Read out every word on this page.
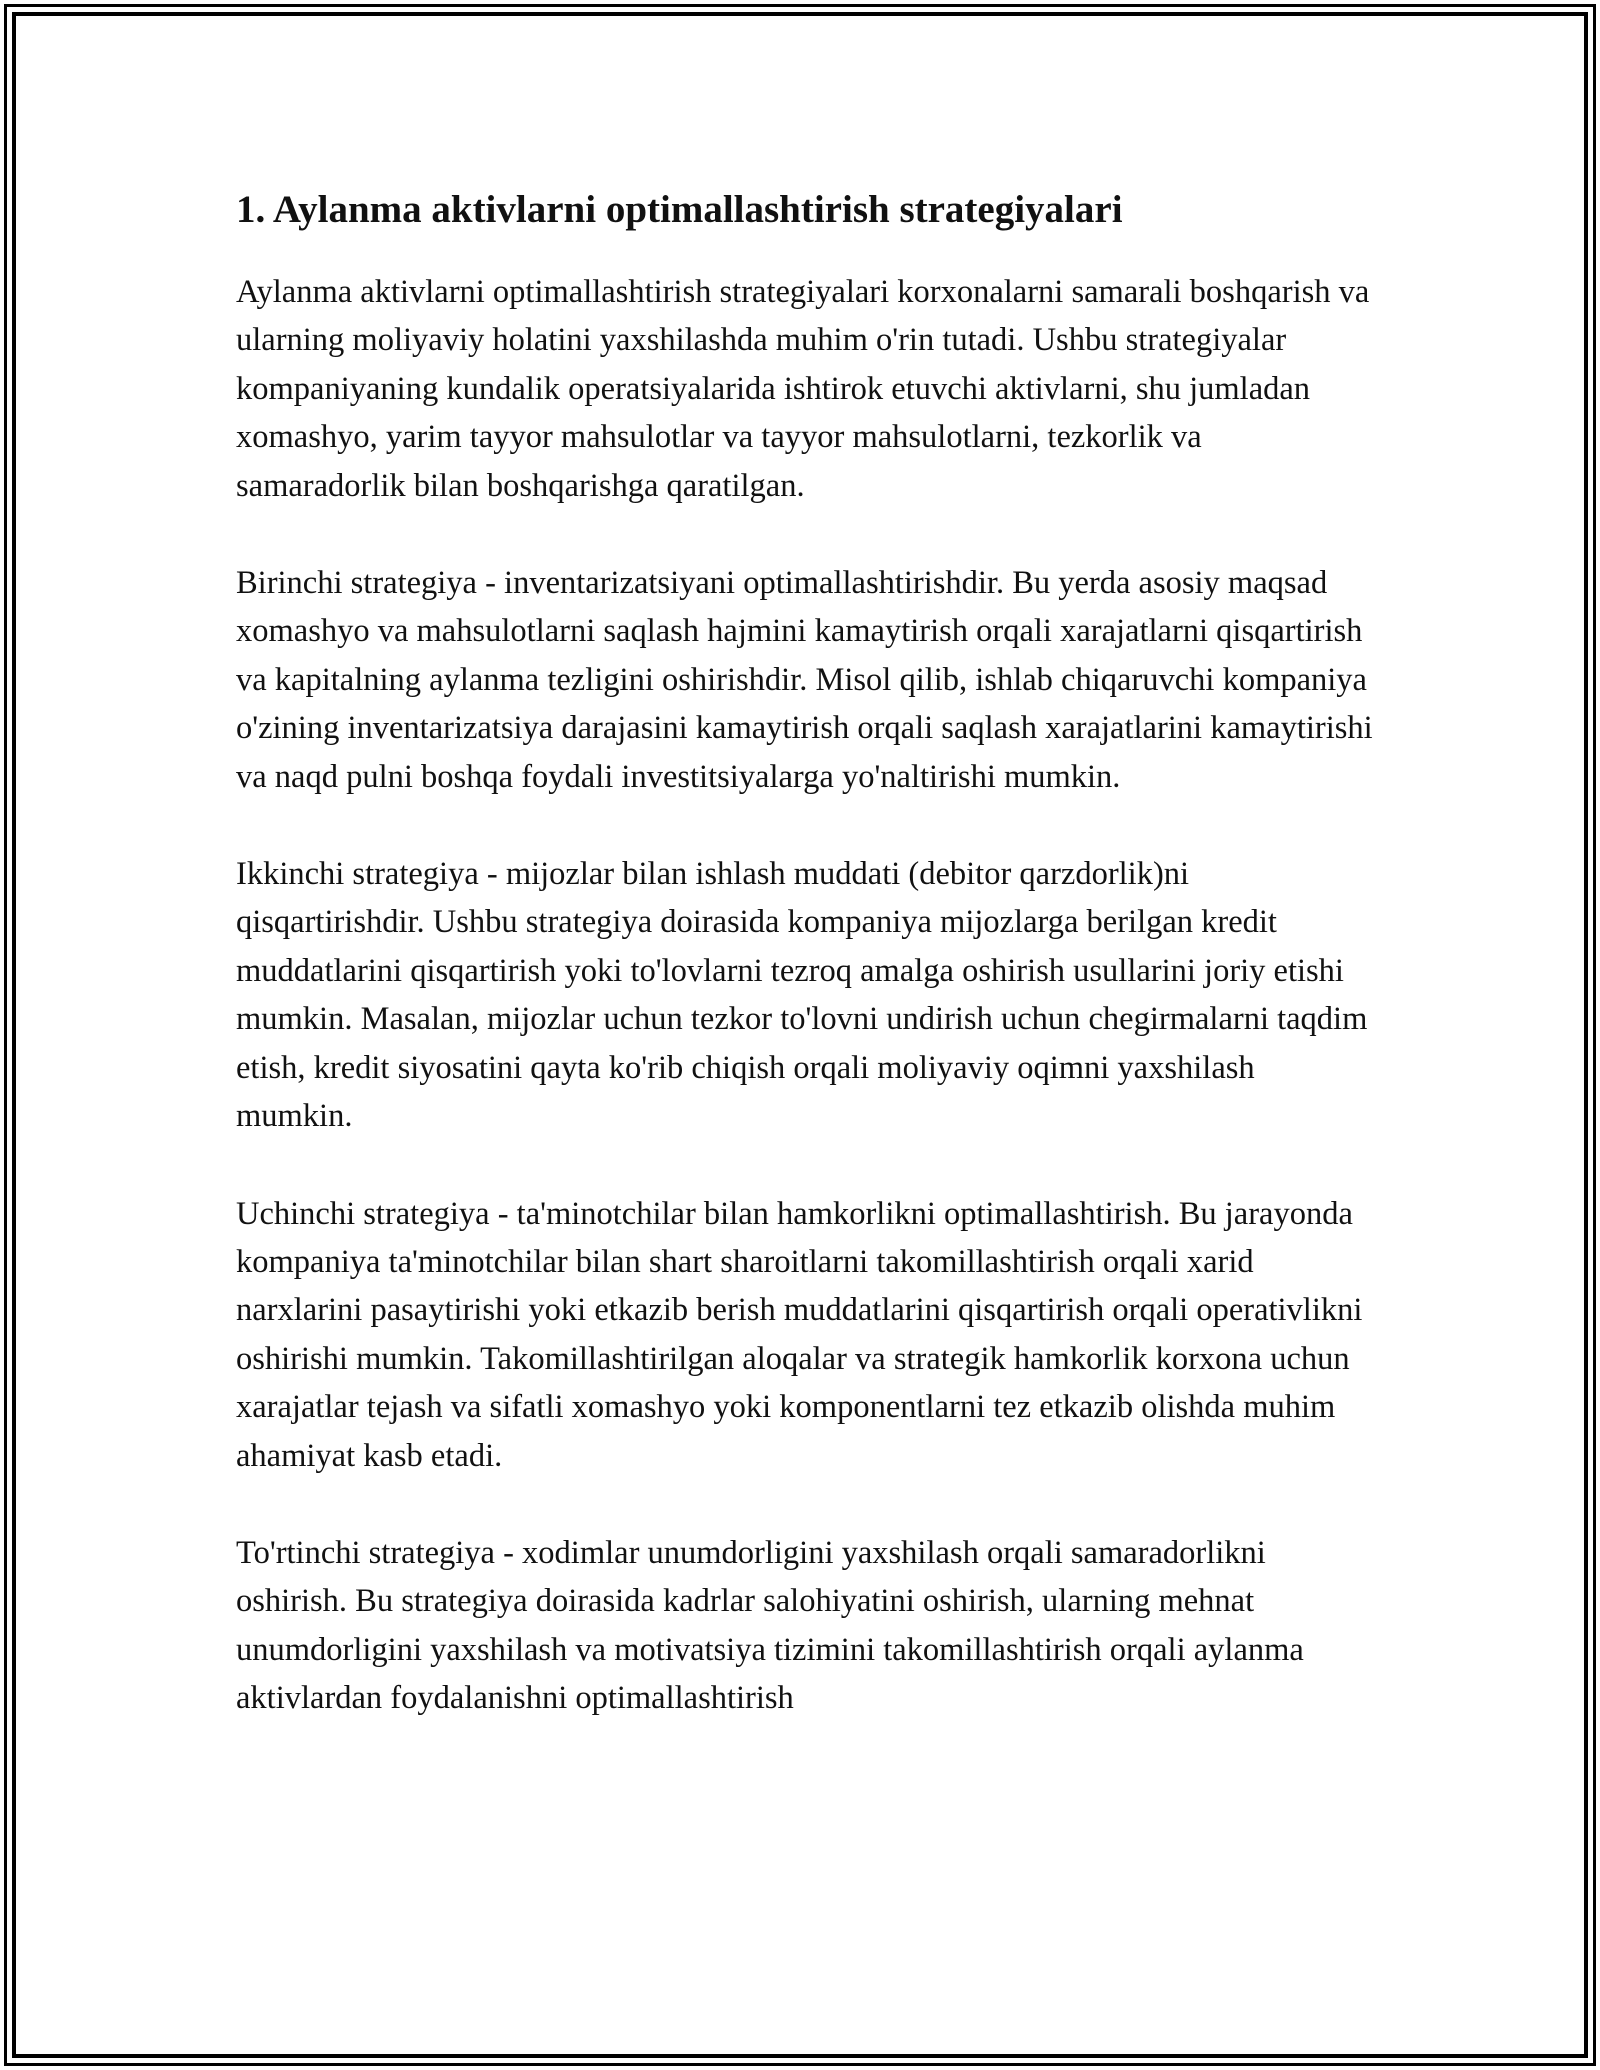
1. Aylanma aktivlarni optimallashtirish strategiyalari

Aylanma aktivlarni optimallashtirish strategiyalari korxonalarni samarali boshqarish va ularning moliyaviy holatini yaxshilashda muhim o'rin tutadi. Ushbu strategiyalar kompaniyaning kundalik operatsiyalarida ishtirok etuvchi aktivlarni, shu jumladan xomashyo, yarim tayyor mahsulotlar va tayyor mahsulotlarni, tezkorlik va samaradorlik bilan boshqarishga qaratilgan.

Birinchi strategiya - inventarizatsiyani optimallashtirishdir. Bu yerda asosiy maqsad xomashyo va mahsulotlarni saqlash hajmini kamaytirish orqali xarajatlarni qisqartirish va kapitalning aylanma tezligini oshirishdir. Misol qilib, ishlab chiqaruvchi kompaniya o'zining inventarizatsiya darajasini kamaytirish orqali saqlash xarajatlarini kamaytirishi va naqd pulni boshqa foydali investitsiyalarga yo'naltirishi mumkin.

Ikkinchi strategiya - mijozlar bilan ishlash muddati (debitor qarzdorlik)ni qisqartirishdir. Ushbu strategiya doirasida kompaniya mijozlarga berilgan kredit muddatlarini qisqartirish yoki to'lovlarni tezroq amalga oshirish usullarini joriy etishi mumkin. Masalan, mijozlar uchun tezkor to'lovni undirish uchun chegirmalarni taqdim etish, kredit siyosatini qayta ko'rib chiqish orqali moliyaviy oqimni yaxshilash mumkin.

Uchinchi strategiya - ta'minotchilar bilan hamkorlikni optimallashtirish. Bu jarayonda kompaniya ta'minotchilar bilan shart sharoitlarni takomillashtirish orqali xarid narxlarini pasaytirishi yoki etkazib berish muddatlarini qisqartirish orqali operativlikni oshirishi mumkin. Takomillashtirilgan aloqalar va strategik hamkorlik korxona uchun xarajatlar tejash va sifatli xomashyo yoki komponentlarni tez etkazib olishda muhim ahamiyat kasb etadi.

To'rtinchi strategiya - xodimlar unumdorligini yaxshilash orqali samaradorlikni oshirish. Bu strategiya doirasida kadrlar salohiyatini oshirish, ularning mehnat unumdorligini yaxshilash va motivatsiya tizimini takomillashtirish orqali aylanma aktivlardan foydalanishni optimallashtirish
